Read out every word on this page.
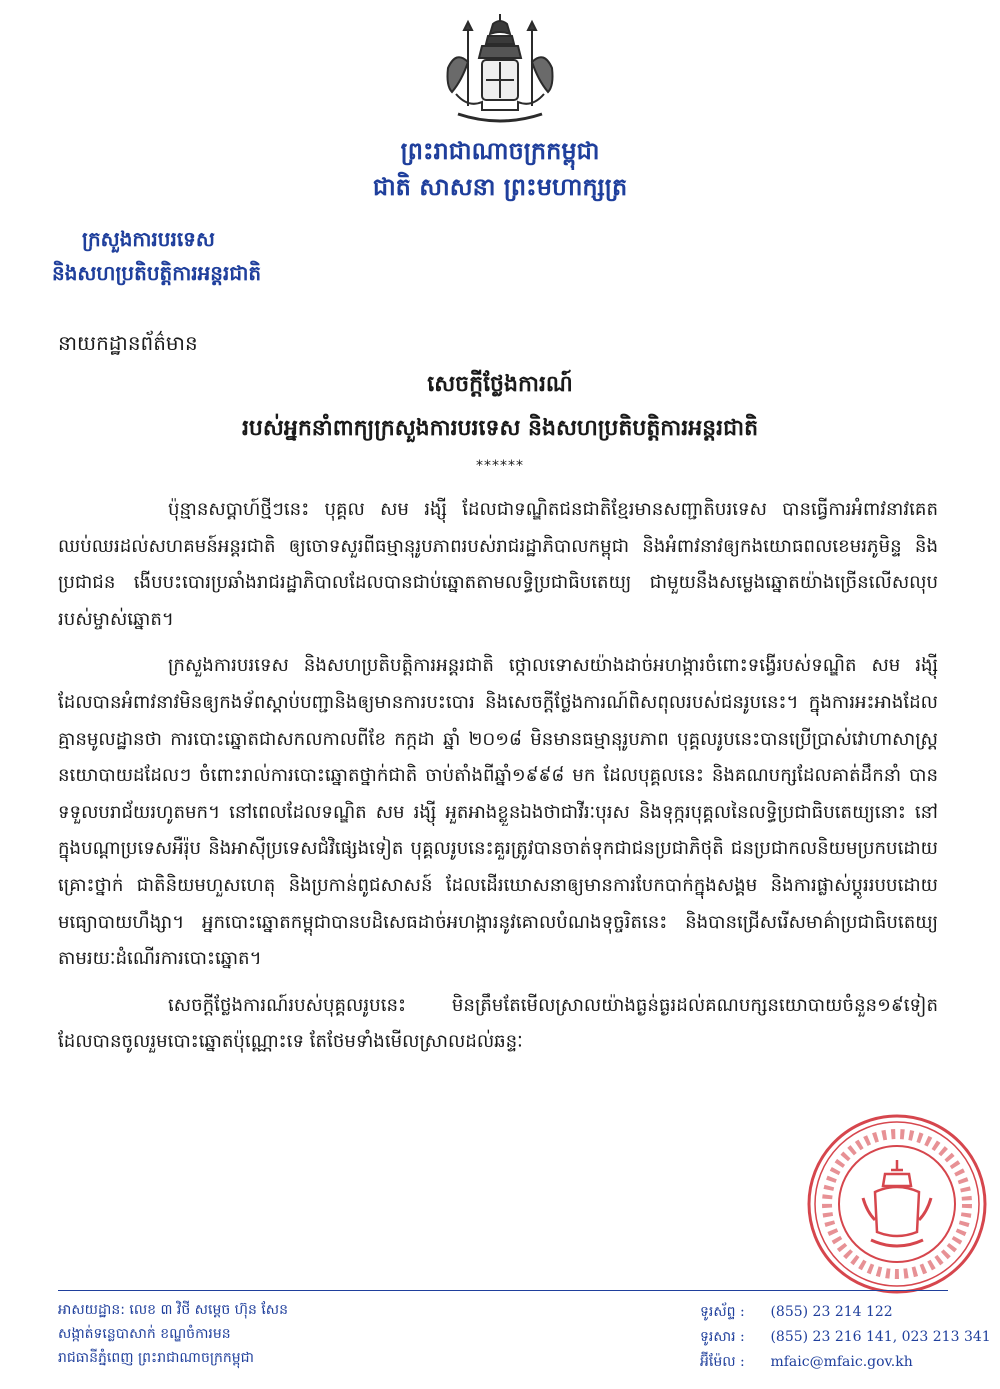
ព្រះរាជាណាចក្រកម្ពុជា
ជាតិ សាសនា ព្រះមហាក្សត្រ
ក្រសួងការបរទេស
និងសហប្រតិបត្តិការអន្តរជាតិ
នាយកដ្ឋានព័ត៌មាន
សេចក្តីថ្លែងការណ៍
របស់អ្នកនាំពាក្យក្រសួងការបរទេស និងសហប្រតិបត្តិការអន្តរជាតិ
******

ប៉ុន្មានសប្តាហ៍ថ្មីៗនេះ បុគ្គល សម រង្ស៊ី ដែលជាទណ្ឌិតជនជាតិខ្មែរមានសញ្ជាតិបរទេស បានធ្វើការអំពាវនាវគេតឈប់ឈរដល់សហគមន៍អន្តរជាតិ ឲ្យចោទសួរពីធម្មានុរូបភាពរបស់រាជរដ្ឋាភិបាលកម្ពុជា និងអំពាវនាវឲ្យកងយោធពលខេមរភូមិន្ទ និងប្រជាជន ងើបបះបោរប្រឆាំងរាជរដ្ឋាភិបាលដែលបានជាប់ឆ្នោតតាមលទ្ធិប្រជាធិបតេយ្យ ជាមួយនឹងសម្លេងឆ្នោតយ៉ាងច្រើនលើសលុបរបស់ម្ចាស់ឆ្នោត។

ក្រសួងការបរទេស និងសហប្រតិបត្តិការអន្តរជាតិ ថ្កោលទោសយ៉ាងដាច់អហង្ការចំពោះទង្វើរបស់ទណ្ឌិត សម រង្ស៊ី ដែលបានអំពាវនាវមិនឲ្យកងទ័ពស្តាប់បញ្ជានិងឲ្យមានការបះបោរ និងសេចក្តីថ្លែងការណ៍ពិសពុលរបស់ជនរូបនេះ។ ក្នុងការអះអាងដែលគ្មានមូលដ្ឋានថា ការបោះឆ្នោតជាសកលកាលពីខែ កក្កដា ឆ្នាំ ២០១៨ មិនមានធម្មានុរូបភាព បុគ្គលរូបនេះបានប្រើប្រាស់វោហាសាស្ត្រនយោបាយដដែលៗ ចំពោះរាល់ការបោះឆ្នោតថ្នាក់ជាតិ ចាប់តាំងពីឆ្នាំ១៩៩៨ មក ដែលបុគ្គលនេះ និងគណបក្សដែលគាត់ដឹកនាំ បានទទួលបរាជ័យរហូតមក។ នៅពេលដែលទណ្ឌិត សម រង្ស៊ី អួតអាងខ្លួនឯងថាជាវីរៈបុរស និងទុក្ករបុគ្គលនៃលទ្ធិប្រជាធិបតេយ្យនោះ នៅក្នុងបណ្តាប្រទេសអឺរ៉ុប និងអាស៊ីប្រទេសជំវិផ្សេងទៀត បុគ្គលរូបនេះគួរត្រូវបានចាត់ទុកជាជនប្រជាភិថុតិ ជនប្រជាកលនិយមប្រកបដោយគ្រោះថ្នាក់ ជាតិនិយមហួសហេតុ និងប្រកាន់ពូជសាសន៍ ដែលដើរឃោសនាឲ្យមានការបែកបាក់ក្នុងសង្គម និងការផ្លាស់ប្តូររបបដោយមធ្យោបាយហឹង្សា។ អ្នកបោះឆ្នោតកម្ពុជាបានបដិសេធដាច់អហង្ការនូវគោលបំណងទុច្ចរិតនេះ និងបានជ្រើសរើសមាគ៌ាប្រជាធិបតេយ្យ តាមរយៈដំណើរការបោះឆ្នោត។

សេចក្តីថ្លែងការណ៍របស់បុគ្គលរូបនេះ មិនត្រឹមតែមើលស្រាលយ៉ាងធ្ងន់ធ្ងរដល់គណបក្សនយោបាយចំនួន១៩ទៀត ដែលបានចូលរួមបោះឆ្នោតប៉ុណ្ណោះទេ តែថែមទាំងមើលស្រាលដល់ឆន្ទៈ

អាសយដ្ឋាន: លេខ ៣ វិថី សម្តេច ហ៊ុន សែន
សង្កាត់ទន្លេបាសាក់ ខណ្ឌចំការមន
រាជធានីភ្នំពេញ ព្រះរាជាណាចក្រកម្ពុជា
ទូរស័ព្ទ : (855) 23 214 122
ទូរសារ : (855) 23 216 141, 023 213 341
អ៊ីម៉ែល : mfaic@mfaic.gov.kh
